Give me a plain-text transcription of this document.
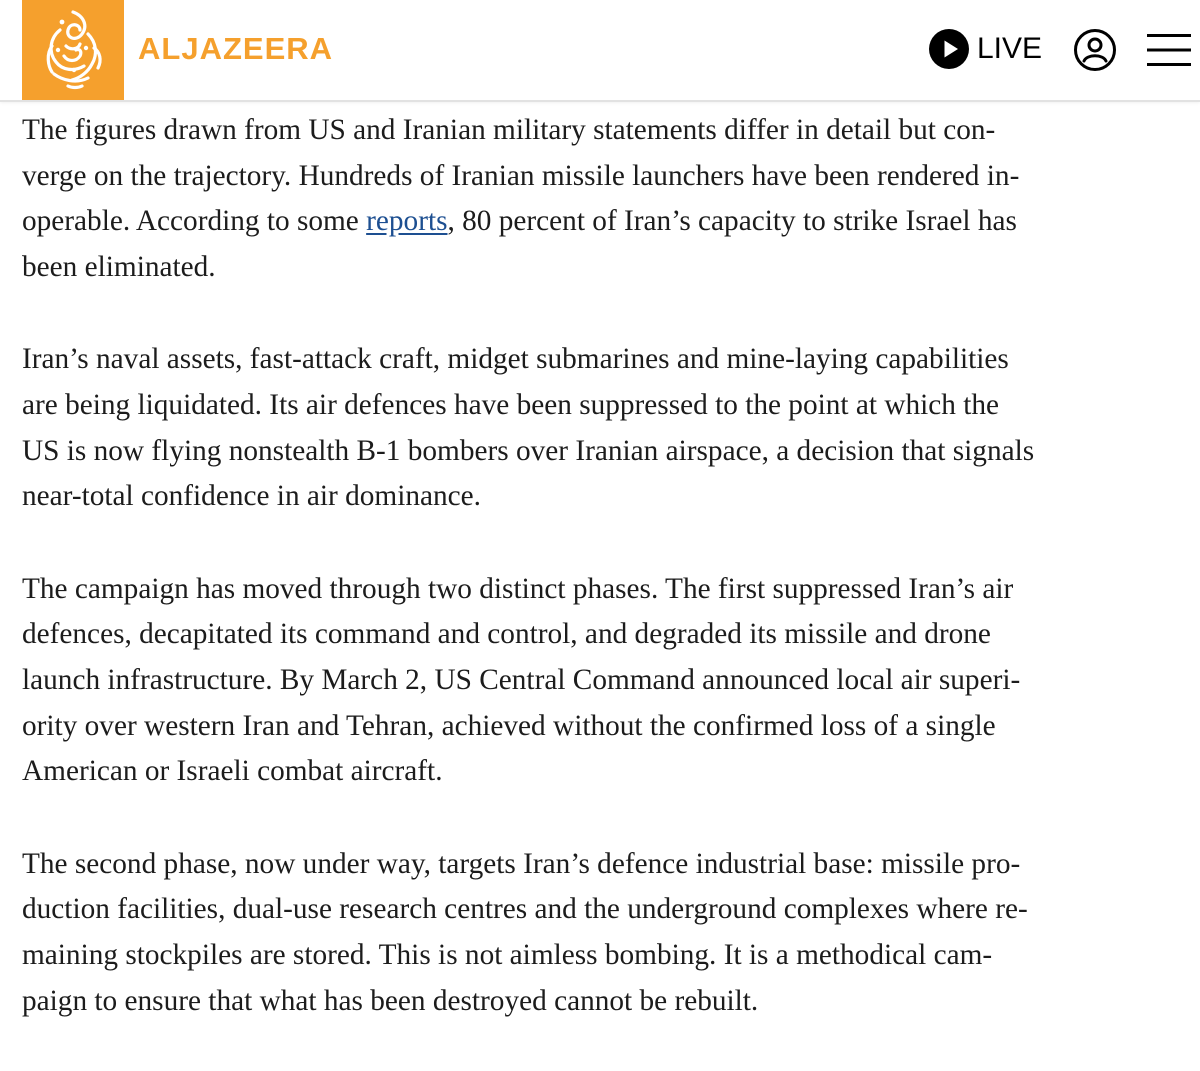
ALJAZEERA	LIVE

The figures drawn from US and Iranian military statements differ in detail but con-
verge on the trajectory. Hundreds of Iranian missile launchers have been rendered in-
operable. According to some reports, 80 percent of Iran’s capacity to strike Israel has
been eliminated.

Iran’s naval assets, fast-attack craft, midget submarines and mine-laying capabilities
are being liquidated. Its air defences have been suppressed to the point at which the
US is now flying nonstealth B-1 bombers over Iranian airspace, a decision that signals
near-total confidence in air dominance.

The campaign has moved through two distinct phases. The first suppressed Iran’s air
defences, decapitated its command and control, and degraded its missile and drone
launch infrastructure. By March 2, US Central Command announced local air superi-
ority over western Iran and Tehran, achieved without the confirmed loss of a single
American or Israeli combat aircraft.

The second phase, now under way, targets Iran’s defence industrial base: missile pro-
duction facilities, dual-use research centres and the underground complexes where re-
maining stockpiles are stored. This is not aimless bombing. It is a methodical cam-
paign to ensure that what has been destroyed cannot be rebuilt.
